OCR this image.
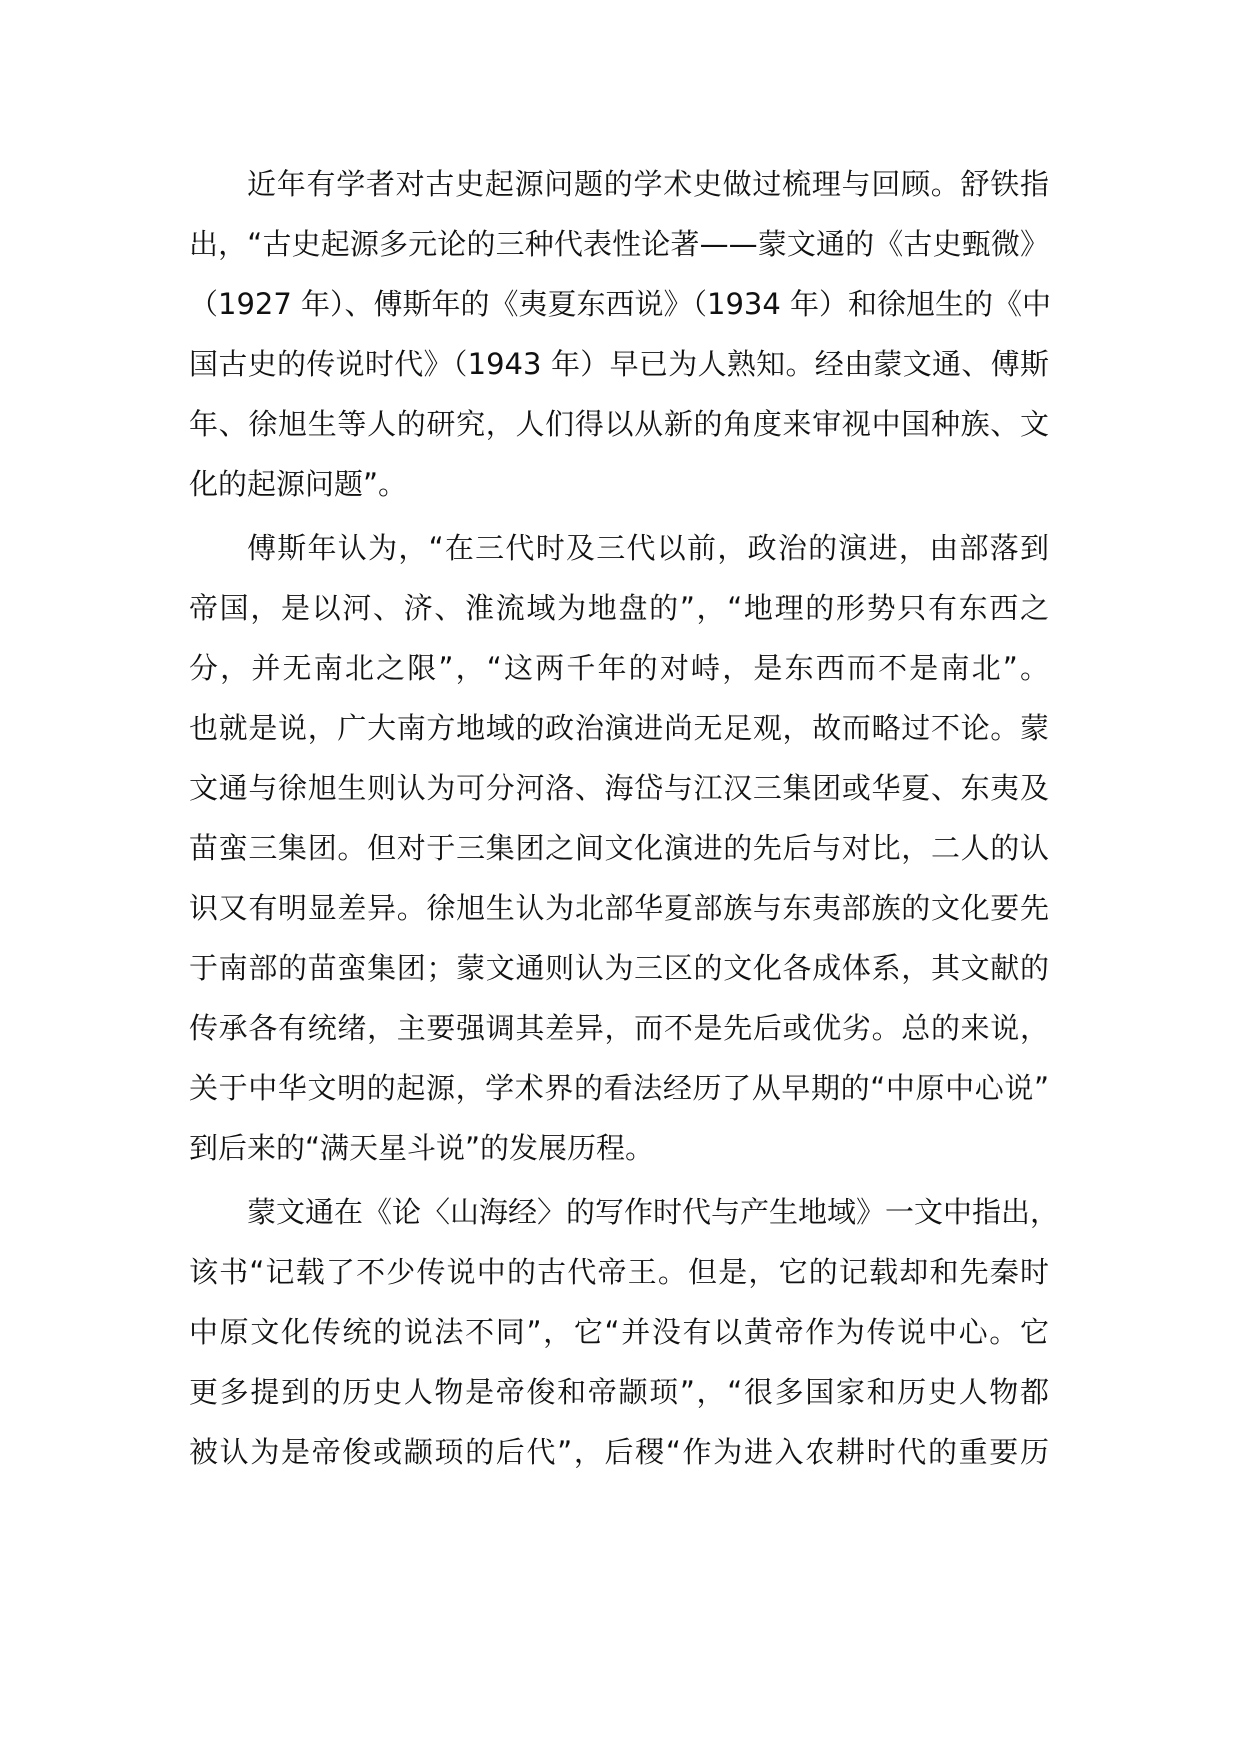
近年有学者对古史起源问题的学术史做过梳理与回顾。舒铁指
出，“古史起源多元论的三种代表性论著——蒙文通的《古史甄微》
（1927 年）、傅斯年的《夷夏东西说》（1934 年）和徐旭生的《中
国古史的传说时代》（1943 年）早已为人熟知。经由蒙文通、傅斯
年、徐旭生等人的研究，人们得以从新的角度来审视中国种族、文
化的起源问题”。
傅斯年认为，“在三代时及三代以前，政治的演进，由部落到
帝国，是以河、济、淮流域为地盘的”，“地理的形势只有东西之
分，并无南北之限”，“这两千年的对峙，是东西而不是南北”。
也就是说，广大南方地域的政治演进尚无足观，故而略过不论。蒙
文通与徐旭生则认为可分河洛、海岱与江汉三集团或华夏、东夷及
苗蛮三集团。但对于三集团之间文化演进的先后与对比，二人的认
识又有明显差异。徐旭生认为北部华夏部族与东夷部族的文化要先
于南部的苗蛮集团；蒙文通则认为三区的文化各成体系，其文献的
传承各有统绪，主要强调其差异，而不是先后或优劣。总的来说，
关于中华文明的起源，学术界的看法经历了从早期的“中原中心说”
到后来的“满天星斗说”的发展历程。
蒙文通在《论〈山海经〉的写作时代与产生地域》一文中指出，
该书“记载了不少传说中的古代帝王。但是，它的记载却和先秦时
中原文化传统的说法不同”，它“并没有以黄帝作为传说中心。它
更多提到的历史人物是帝俊和帝颛顼”，“很多国家和历史人物都
被认为是帝俊或颛顼的后代”，后稷“作为进入农耕时代的重要历
